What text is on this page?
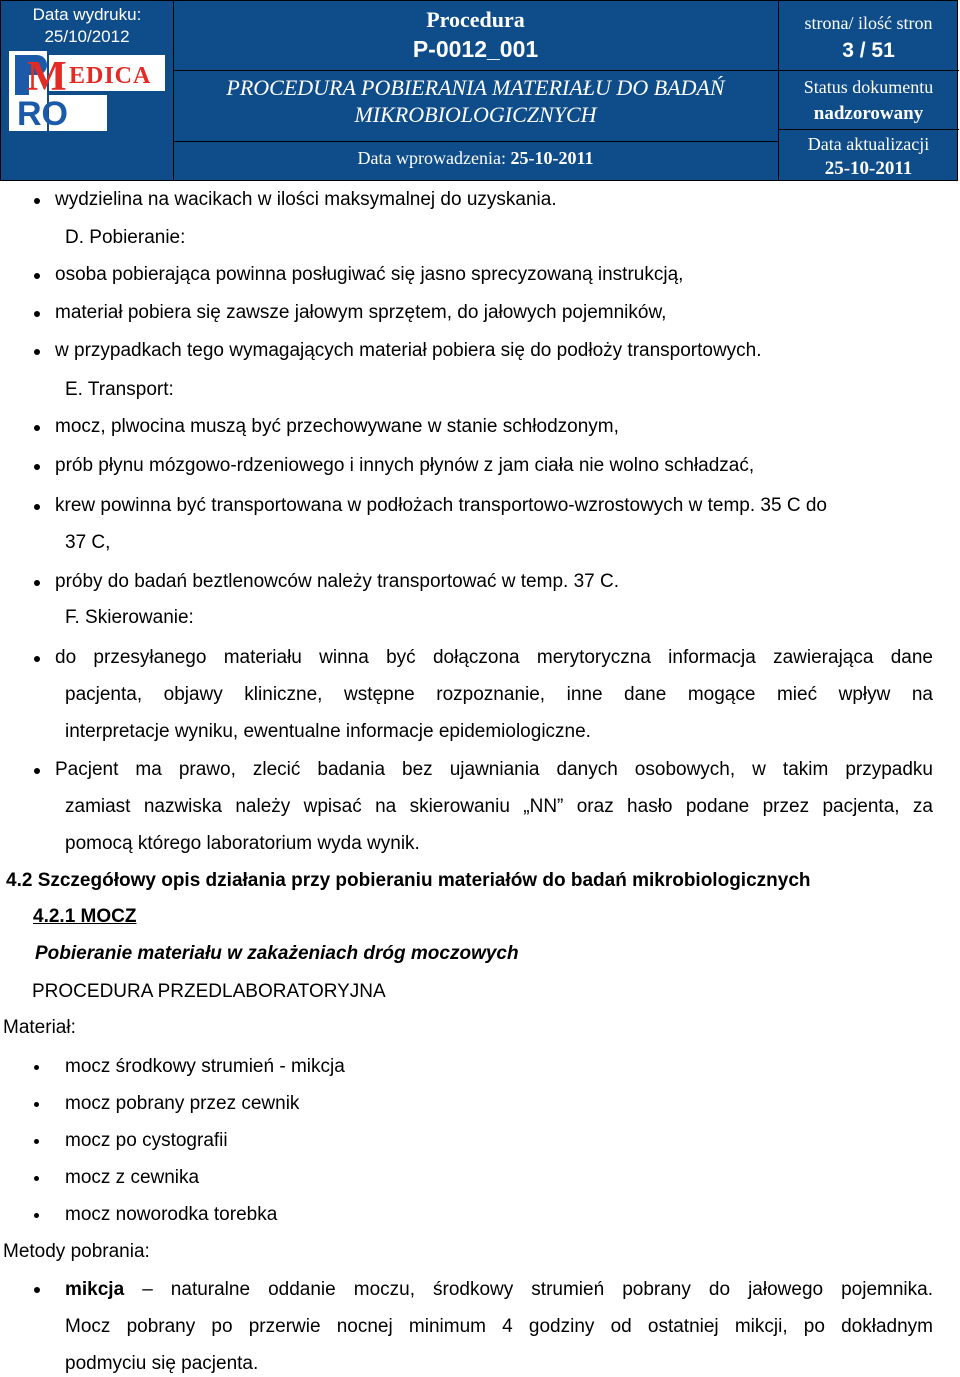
Data wydruku:
25/10/2012
M EDICA
RO
Procedura
P-0012_001
PROCEDURA POBIERANIA MATERIAŁU DO BADAŃ
MIKROBIOLOGICZNYCH
Data wprowadzenia: 25-10-2011
strona/ ilość stron
3 / 51
Status dokumentu
nadzorowany
Data aktualizacji
25-10-2011
wydzielina na wacikach w ilości maksymalnej do uzyskania.
D. Pobieranie:
osoba pobierająca powinna posługiwać się jasno sprecyzowaną instrukcją,
materiał pobiera się zawsze jałowym sprzętem, do jałowych pojemników,
w przypadkach tego wymagających materiał pobiera się do podłoży transportowych.
E. Transport:
mocz, plwocina muszą być przechowywane w stanie schłodzonym,
prób płynu mózgowo-rdzeniowego i innych płynów z jam ciała nie wolno schładzać,
krew powinna być transportowana w podłożach transportowo-wzrostowych w temp. 35 C do
37 C,
próby do badań beztlenowców należy transportować w temp. 37 C.
F. Skierowanie:
do przesyłanego materiału winna być dołączona merytoryczna informacja zawierająca dane
pacjenta, objawy kliniczne, wstępne rozpoznanie, inne dane mogące mieć wpływ na
interpretacje wyniku, ewentualne informacje epidemiologiczne.
Pacjent ma prawo, zlecić badania bez ujawniania danych osobowych, w takim przypadku
zamiast nazwiska należy wpisać na skierowaniu „NN” oraz hasło podane przez pacjenta, za
pomocą którego laboratorium wyda wynik.
4.2 Szczegółowy opis działania przy pobieraniu materiałów do badań mikrobiologicznych
4.2.1 MOCZ
Pobieranie materiału w zakażeniach dróg moczowych
PROCEDURA PRZEDLABORATORYJNA
Materiał:
mocz środkowy strumień - mikcja
mocz pobrany przez cewnik
mocz po cystografii
mocz z cewnika
mocz noworodka torebka
Metody pobrania:
mikcja – naturalne oddanie moczu, środkowy strumień pobrany do jałowego pojemnika.
Mocz pobrany po przerwie nocnej minimum 4 godziny od ostatniej mikcji, po dokładnym
podmyciu się pacjenta.
